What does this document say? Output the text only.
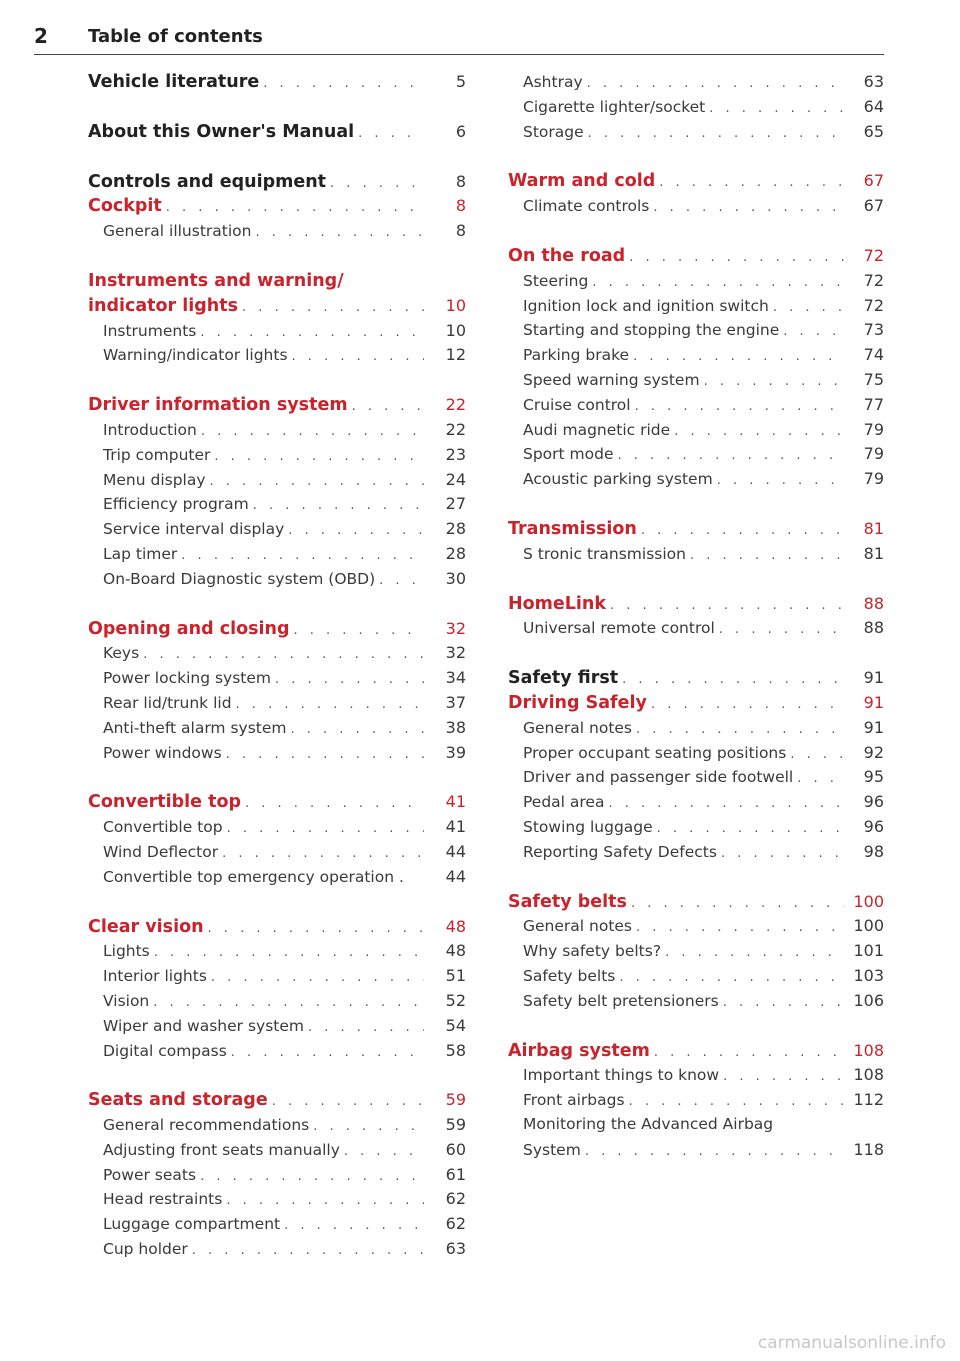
2 Table of contents
Vehicle literature . . .	5
About this Owner's Manual . . .	6
Controls and equipment . . .	8
Cockpit . . .	8
General illustration . . .	8
Instruments and warning/
indicator lights . . .	10
Instruments . . .	10
Warning/indicator lights . . .	12
Driver information system . . .	22
Introduction . . .	22
Trip computer . . .	23
Menu display . . .	24
Efficiency program . . .	27
Service interval display . . .	28
Lap timer . . .	28
On-Board Diagnostic system (OBD) . . .	30
Opening and closing . . .	32
Keys . . .	32
Power locking system . . .	34
Rear lid/trunk lid . . .	37
Anti-theft alarm system . . .	38
Power windows . . .	39
Convertible top . . .	41
Convertible top . . .	41
Wind Deflector . . .	44
Convertible top emergency operation .	44
Clear vision . . .	48
Lights . . .	48
Interior lights . . .	51
Vision . . .	52
Wiper and washer system . . .	54
Digital compass . . .	58
Seats and storage . . .	59
General recommendations . . .	59
Adjusting front seats manually . . .	60
Power seats . . .	61
Head restraints . . .	62
Luggage compartment . . .	62
Cup holder . . .	63
Ashtray . . .	63
Cigarette lighter/socket . . .	64
Storage . . .	65
Warm and cold . . .	67
Climate controls . . .	67
On the road . . .	72
Steering . . .	72
Ignition lock and ignition switch . . .	72
Starting and stopping the engine . . .	73
Parking brake . . .	74
Speed warning system . . .	75
Cruise control . . .	77
Audi magnetic ride . . .	79
Sport mode . . .	79
Acoustic parking system . . .	79
Transmission . . .	81
S tronic transmission . . .	81
HomeLink . . .	88
Universal remote control . . .	88
Safety first . . .	91
Driving Safely . . .	91
General notes . . .	91
Proper occupant seating positions . . .	92
Driver and passenger side footwell . . .	95
Pedal area . . .	96
Stowing luggage . . .	96
Reporting Safety Defects . . .	98
Safety belts . . .	100
General notes . . .	100
Why safety belts? . . .	101
Safety belts . . .	103
Safety belt pretensioners . . .	106
Airbag system . . .	108
Important things to know . . .	108
Front airbags . . .	112
Monitoring the Advanced Airbag
System . . .	118
carmanualsonline.info
